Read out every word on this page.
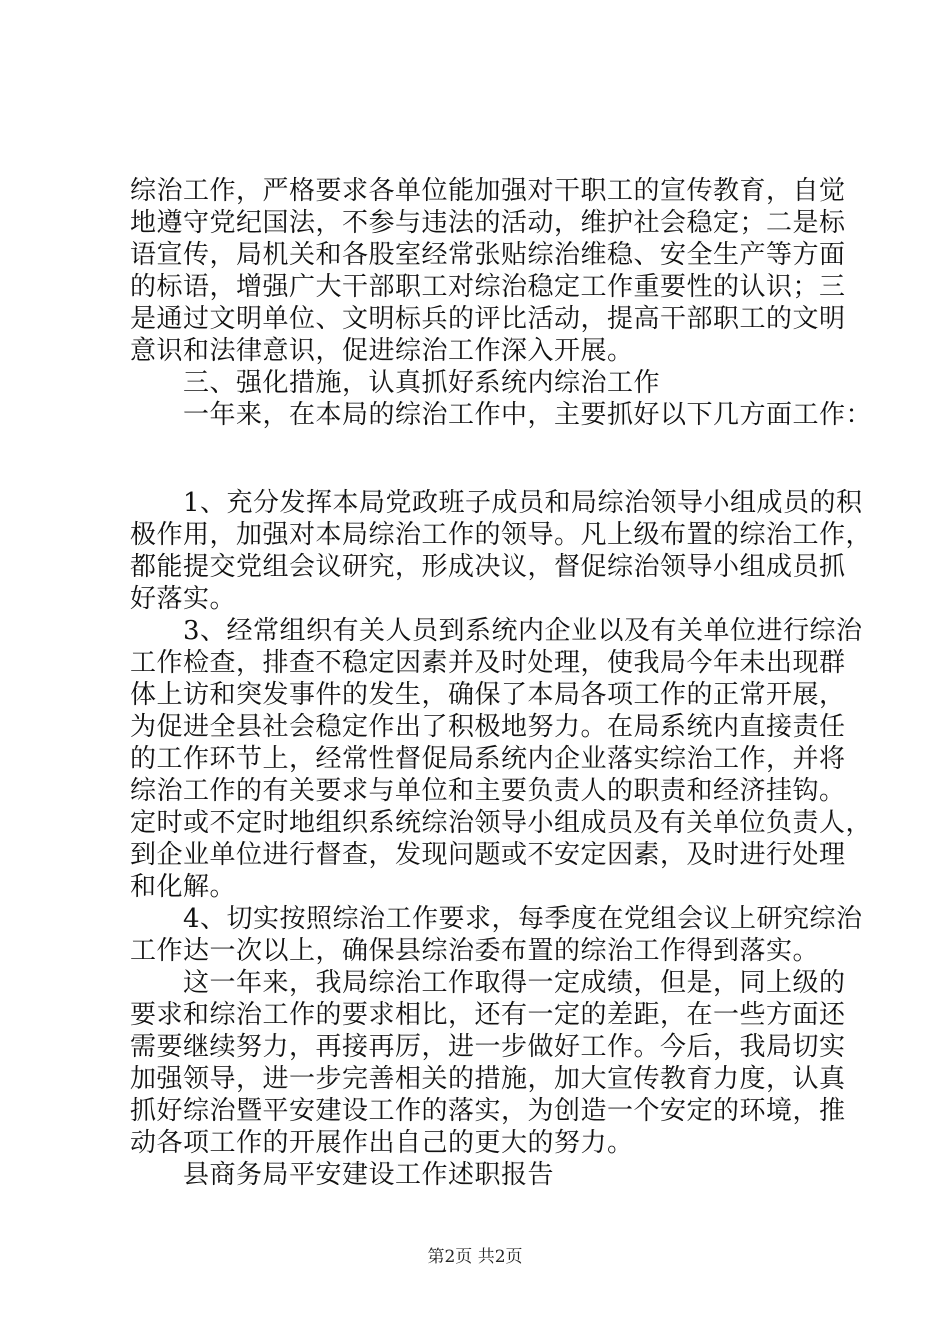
综治工作，严格要求各单位能加强对干职工的宣传教育，自觉
地遵守党纪国法，不参与违法的活动，维护社会稳定；二是标
语宣传，局机关和各股室经常张贴综治维稳、安全生产等方面
的标语，增强广大干部职工对综治稳定工作重要性的认识；三
是通过文明单位、文明标兵的评比活动，提高干部职工的文明
意识和法律意识，促进综治工作深入开展。
　　三、强化措施，认真抓好系统内综治工作
　　一年来，在本局的综治工作中，主要抓好以下几方面工作：
　　1、充分发挥本局党政班子成员和局综治领导小组成员的积
极作用，加强对本局综治工作的领导。凡上级布置的综治工作，
都能提交党组会议研究，形成决议，督促综治领导小组成员抓
好落实。
　　3、经常组织有关人员到系统内企业以及有关单位进行综治
工作检查，排查不稳定因素并及时处理，使我局今年未出现群
体上访和突发事件的发生，确保了本局各项工作的正常开展，
为促进全县社会稳定作出了积极地努力。在局系统内直接责任
的工作环节上，经常性督促局系统内企业落实综治工作，并将
综治工作的有关要求与单位和主要负责人的职责和经济挂钩。
定时或不定时地组织系统综治领导小组成员及有关单位负责人，
到企业单位进行督查，发现问题或不安定因素，及时进行处理
和化解。
　　4、切实按照综治工作要求，每季度在党组会议上研究综治
工作达一次以上，确保县综治委布置的综治工作得到落实。
　　这一年来，我局综治工作取得一定成绩，但是，同上级的
要求和综治工作的要求相比，还有一定的差距，在一些方面还
需要继续努力，再接再厉，进一步做好工作。今后，我局切实
加强领导，进一步完善相关的措施，加大宣传教育力度，认真
抓好综治暨平安建设工作的落实，为创造一个安定的环境，推
动各项工作的开展作出自己的更大的努力。
　　县商务局平安建设工作述职报告
第2页 共2页
